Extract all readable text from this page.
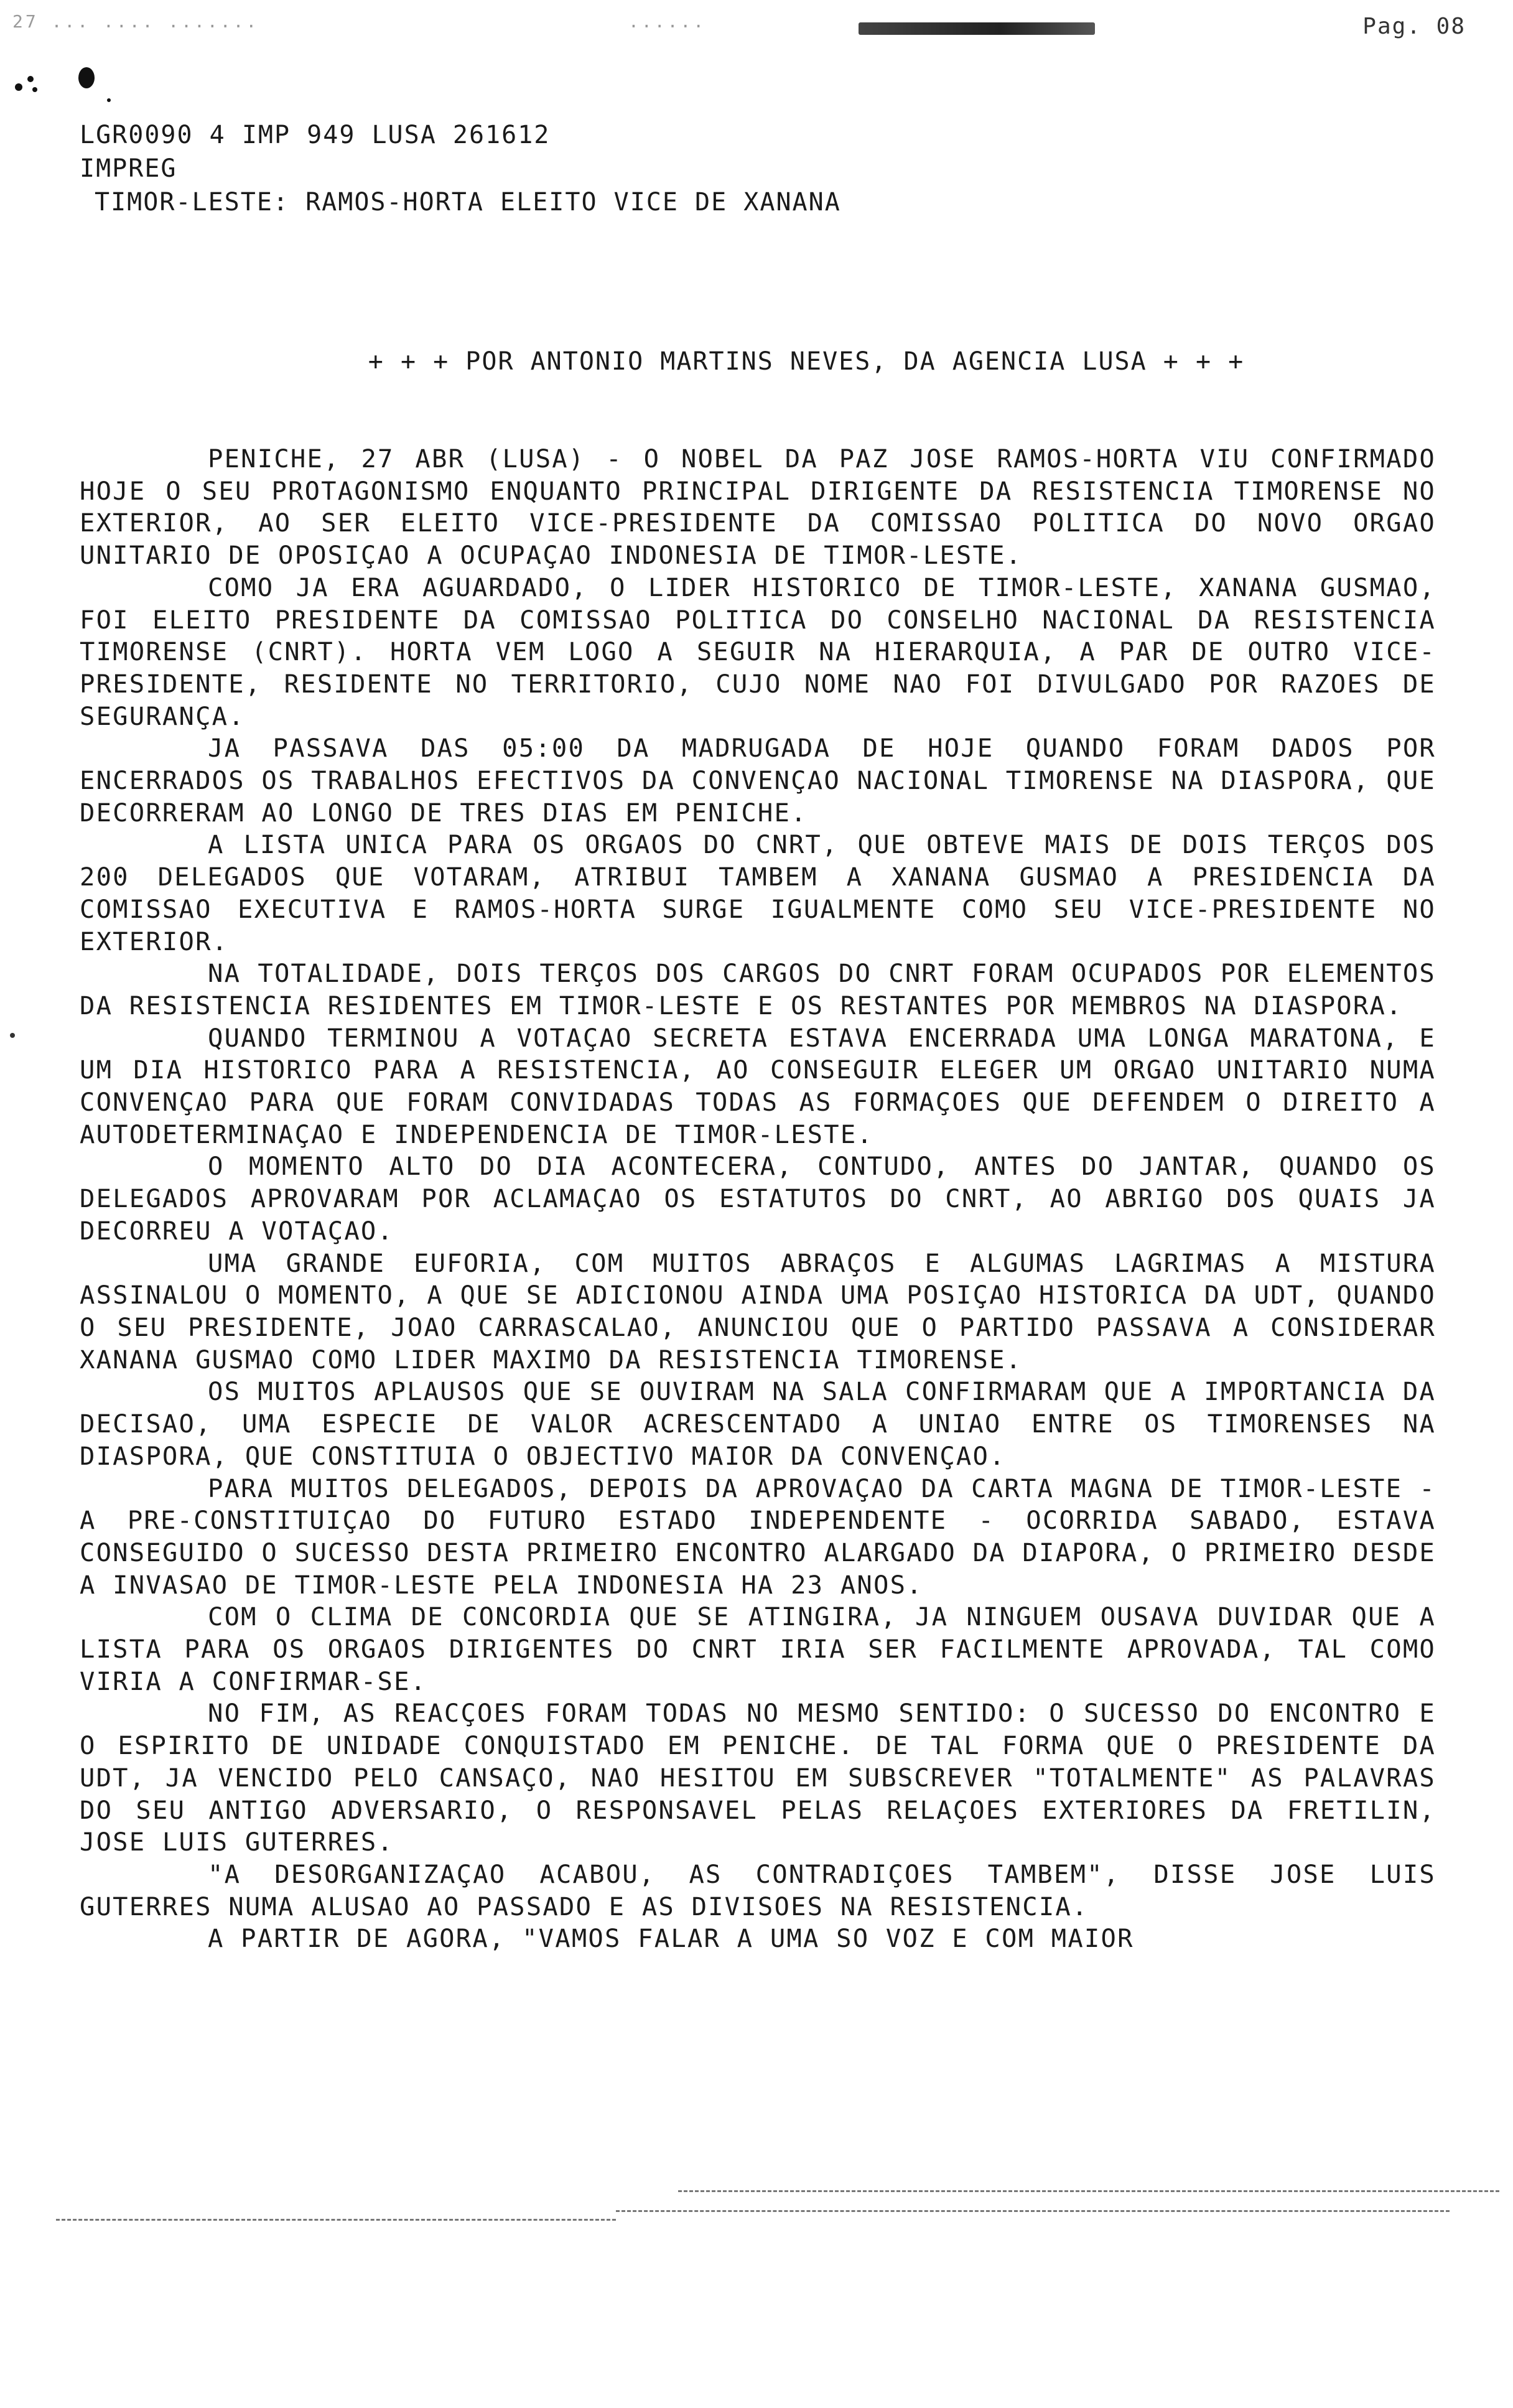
27 ... .... .......	......	Pag. 08
LGR0090 4 IMP 949 LUSA 261612
IMPREG
TIMOR-LESTE: RAMOS-HORTA ELEITO VICE DE XANANA
+ + + POR ANTONIO MARTINS NEVES, DA AGENCIA LUSA + + +

PENICHE, 27 ABR (LUSA) - O NOBEL DA PAZ JOSE RAMOS-HORTA VIU CONFIRMADO HOJE O SEU PROTAGONISMO ENQUANTO PRINCIPAL DIRIGENTE DA RESISTENCIA TIMORENSE NO EXTERIOR, AO SER ELEITO VICE-PRESIDENTE DA COMISSAO POLITICA DO NOVO ORGAO UNITARIO DE OPOSIÇAO A OCUPAÇAO INDONESIA DE TIMOR-LESTE.

COMO JA ERA AGUARDADO, O LIDER HISTORICO DE TIMOR-LESTE, XANANA GUSMAO, FOI ELEITO PRESIDENTE DA COMISSAO POLITICA DO CONSELHO NACIONAL DA RESISTENCIA TIMORENSE (CNRT). HORTA VEM LOGO A SEGUIR NA HIERARQUIA, A PAR DE OUTRO VICE-PRESIDENTE, RESIDENTE NO TERRITORIO, CUJO NOME NAO FOI DIVULGADO POR RAZOES DE SEGURANÇA.

JA PASSAVA DAS 05:00 DA MADRUGADA DE HOJE QUANDO FORAM DADOS POR ENCERRADOS OS TRABALHOS EFECTIVOS DA CONVENÇAO NACIONAL TIMORENSE NA DIASPORA, QUE DECORRERAM AO LONGO DE TRES DIAS EM PENICHE.

A LISTA UNICA PARA OS ORGAOS DO CNRT, QUE OBTEVE MAIS DE DOIS TERÇOS DOS 200 DELEGADOS QUE VOTARAM, ATRIBUI TAMBEM A XANANA GUSMAO A PRESIDENCIA DA COMISSAO EXECUTIVA E RAMOS-HORTA SURGE IGUALMENTE COMO SEU VICE-PRESIDENTE NO EXTERIOR.

NA TOTALIDADE, DOIS TERÇOS DOS CARGOS DO CNRT FORAM OCUPADOS POR ELEMENTOS DA RESISTENCIA RESIDENTES EM TIMOR-LESTE E OS RESTANTES POR MEMBROS NA DIASPORA.

QUANDO TERMINOU A VOTAÇAO SECRETA ESTAVA ENCERRADA UMA LONGA MARATONA, E UM DIA HISTORICO PARA A RESISTENCIA, AO CONSEGUIR ELEGER UM ORGAO UNITARIO NUMA CONVENÇAO PARA QUE FORAM CONVIDADAS TODAS AS FORMAÇOES QUE DEFENDEM O DIREITO A AUTODETERMINAÇAO E INDEPENDENCIA DE TIMOR-LESTE.

O MOMENTO ALTO DO DIA ACONTECERA, CONTUDO, ANTES DO JANTAR, QUANDO OS DELEGADOS APROVARAM POR ACLAMAÇAO OS ESTATUTOS DO CNRT, AO ABRIGO DOS QUAIS JA DECORREU A VOTAÇAO.

UMA GRANDE EUFORIA, COM MUITOS ABRAÇOS E ALGUMAS LAGRIMAS A MISTURA ASSINALOU O MOMENTO, A QUE SE ADICIONOU AINDA UMA POSIÇAO HISTORICA DA UDT, QUANDO O SEU PRESIDENTE, JOAO CARRASCALAO, ANUNCIOU QUE O PARTIDO PASSAVA A CONSIDERAR XANANA GUSMAO COMO LIDER MAXIMO DA RESISTENCIA TIMORENSE.

OS MUITOS APLAUSOS QUE SE OUVIRAM NA SALA CONFIRMARAM QUE A IMPORTANCIA DA DECISAO, UMA ESPECIE DE VALOR ACRESCENTADO A UNIAO ENTRE OS TIMORENSES NA DIASPORA, QUE CONSTITUIA O OBJECTIVO MAIOR DA CONVENÇAO.

PARA MUITOS DELEGADOS, DEPOIS DA APROVAÇAO DA CARTA MAGNA DE TIMOR-LESTE - A PRE-CONSTITUIÇAO DO FUTURO ESTADO INDEPENDENTE - OCORRIDA SABADO, ESTAVA CONSEGUIDO O SUCESSO DESTA PRIMEIRO ENCONTRO ALARGADO DA DIAPORA, O PRIMEIRO DESDE A INVASAO DE TIMOR-LESTE PELA INDONESIA HA 23 ANOS.

COM O CLIMA DE CONCORDIA QUE SE ATINGIRA, JA NINGUEM OUSAVA DUVIDAR QUE A LISTA PARA OS ORGAOS DIRIGENTES DO CNRT IRIA SER FACILMENTE APROVADA, TAL COMO VIRIA A CONFIRMAR-SE.

NO FIM, AS REACÇOES FORAM TODAS NO MESMO SENTIDO: O SUCESSO DO ENCONTRO E O ESPIRITO DE UNIDADE CONQUISTADO EM PENICHE. DE TAL FORMA QUE O PRESIDENTE DA UDT, JA VENCIDO PELO CANSAÇO, NAO HESITOU EM SUBSCREVER "TOTALMENTE" AS PALAVRAS DO SEU ANTIGO ADVERSARIO, O RESPONSAVEL PELAS RELAÇOES EXTERIORES DA FRETILIN, JOSE LUIS GUTERRES.

"A DESORGANIZAÇAO ACABOU, AS CONTRADIÇOES TAMBEM", DISSE JOSE LUIS GUTERRES NUMA ALUSAO AO PASSADO E AS DIVISOES NA RESISTENCIA.

A PARTIR DE AGORA, "VAMOS FALAR A UMA SO VOZ E COM MAIOR
